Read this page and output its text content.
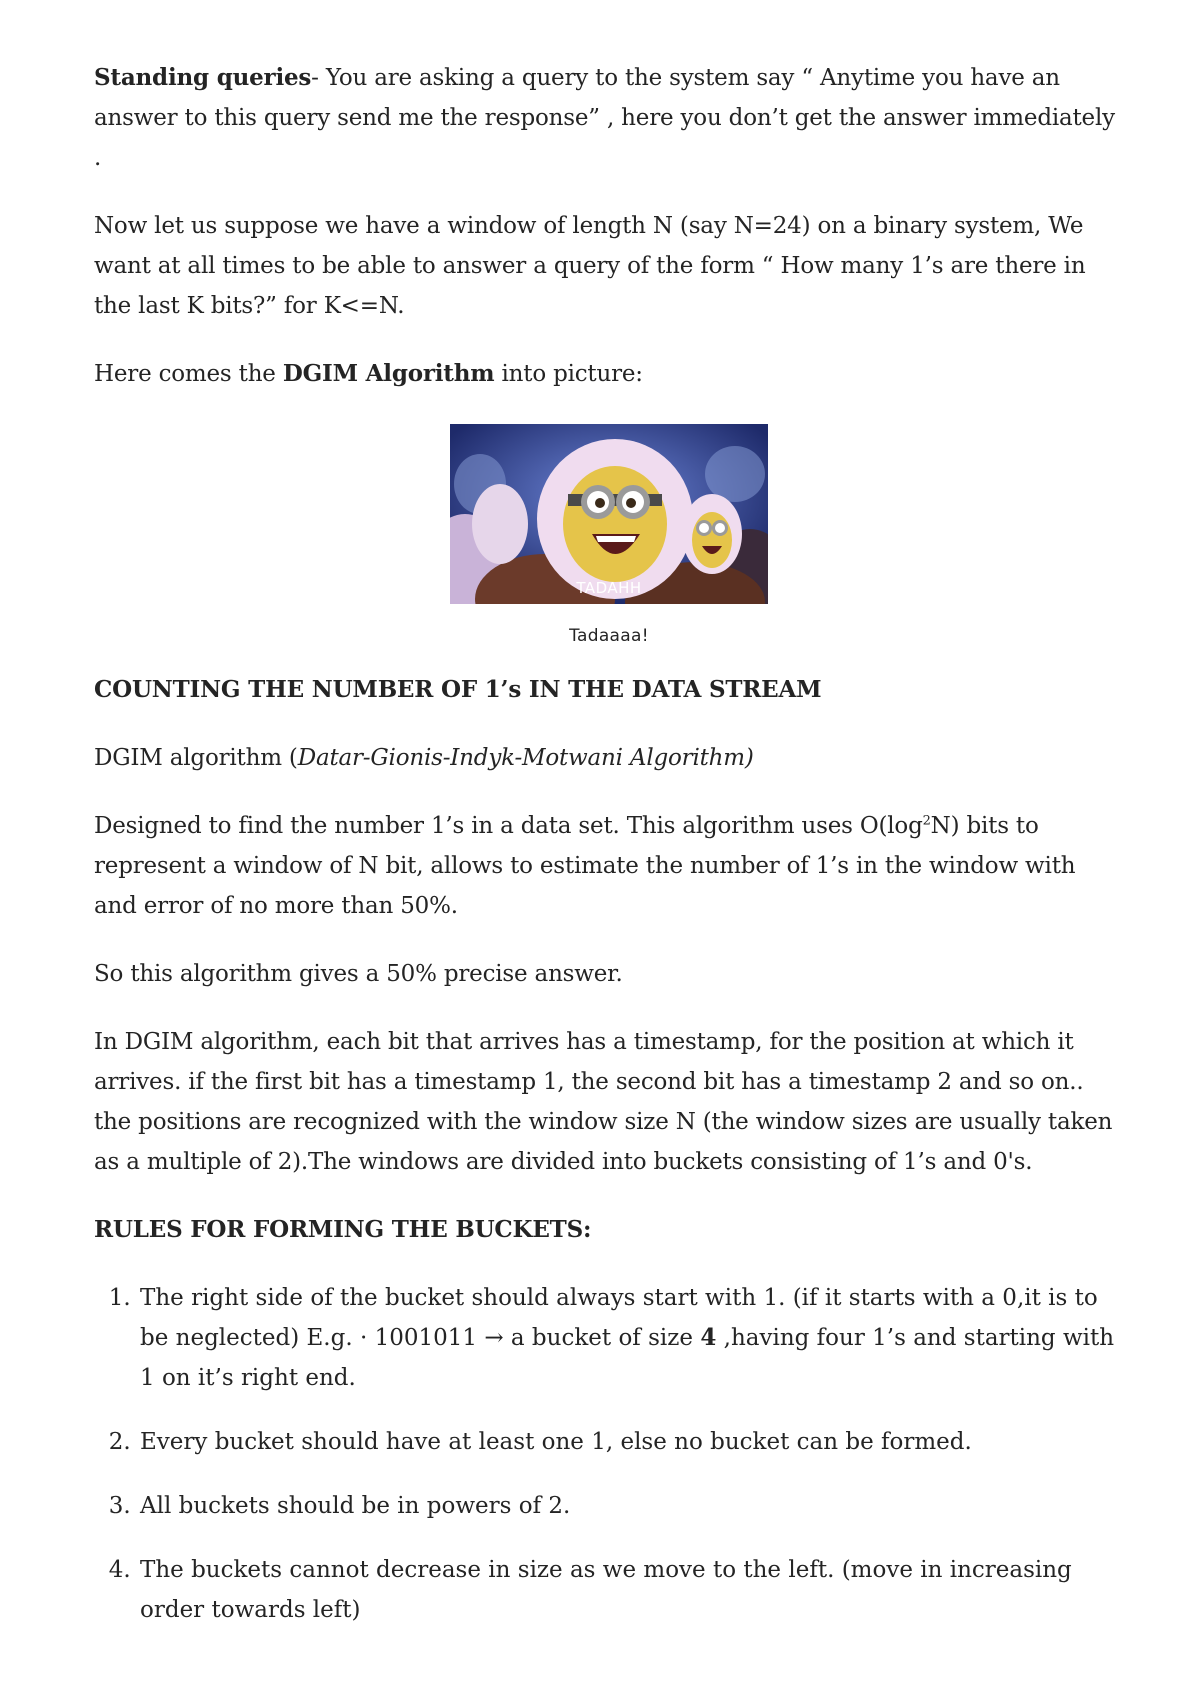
Standing queries- You are asking a query to the system say “ Anytime you have an answer to this query send me the response” , here you don’t get the answer immediately .

Now let us suppose we have a window of length N (say N=24) on a binary system, We want at all times to be able to answer a query of the form “ How many 1’s are there in the last K bits?” for K<=N.

Here comes the DGIM Algorithm into picture:

TADAHH
Tadaaaa!

COUNTING THE NUMBER OF 1’s IN THE DATA STREAM

DGIM algorithm (Datar-Gionis-Indyk-Motwani Algorithm)

Designed to find the number 1’s in a data set. This algorithm uses $O(\log^2N)$ bits to represent a window of N bit, allows to estimate the number of 1’s in the window with and error of no more than 50%.

So this algorithm gives a 50% precise answer.

In DGIM algorithm, each bit that arrives has a timestamp, for the position at which it arrives. if the first bit has a timestamp 1, the second bit has a timestamp 2 and so on.. the positions are recognized with the window size N (the window sizes are usually taken as a multiple of 2).The windows are divided into buckets consisting of 1’s and 0's.

RULES FOR FORMING THE BUCKETS:

1. The right side of the bucket should always start with 1. (if it starts with a 0,it is to be neglected) E.g. · 1001011 → a bucket of size 4 ,having four 1’s and starting with 1 on it’s right end.
2. Every bucket should have at least one 1, else no bucket can be formed.
3. All buckets should be in powers of 2.
4. The buckets cannot decrease in size as we move to the left. (move in increasing order towards left)
